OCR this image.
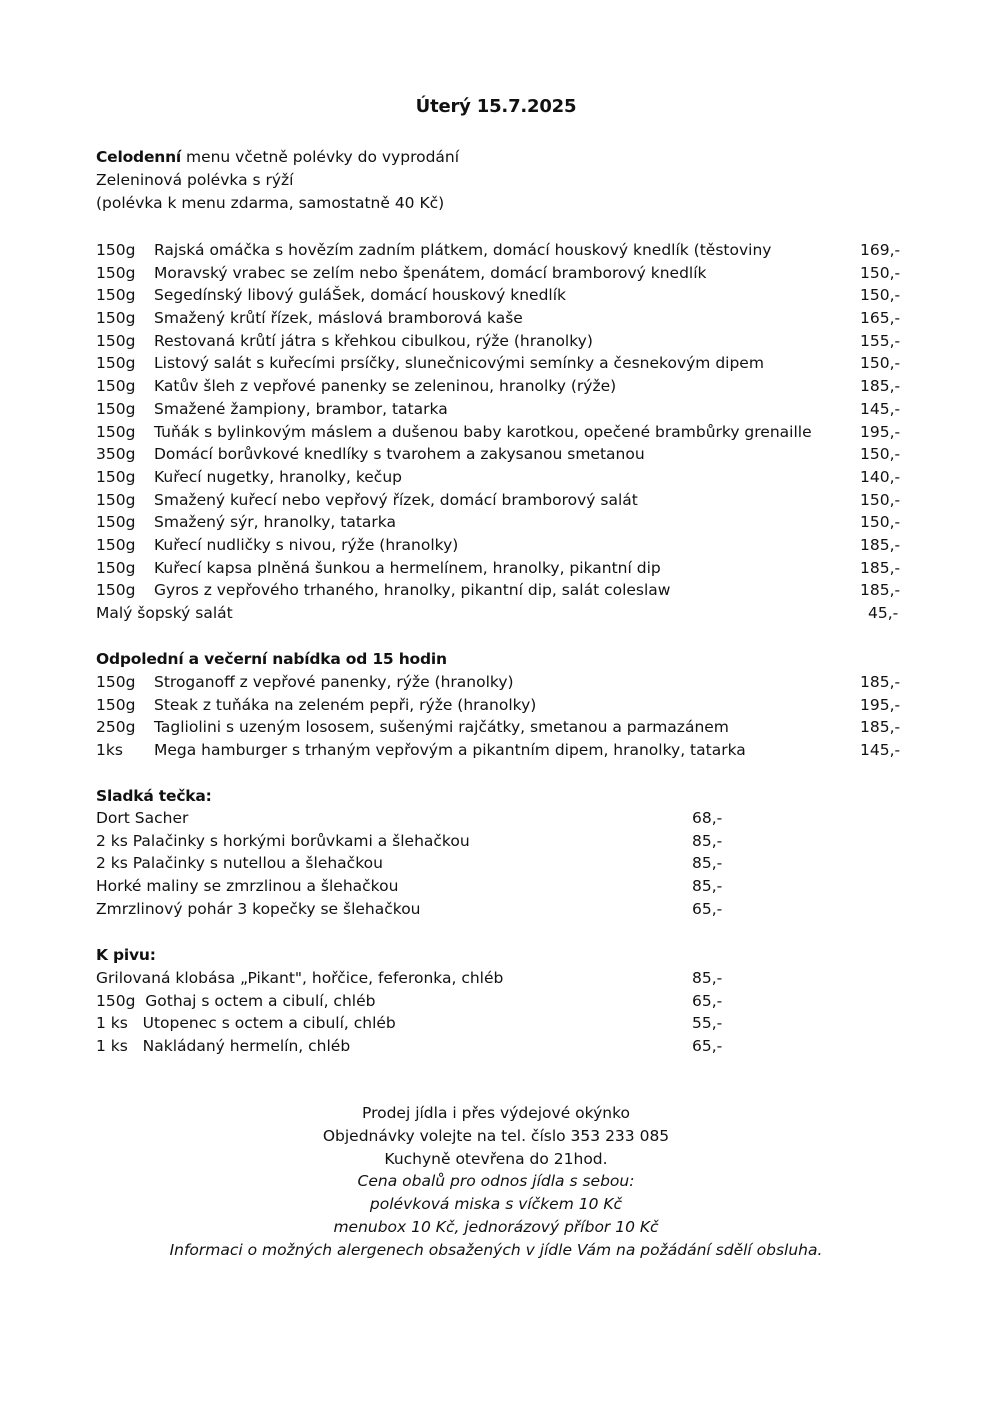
Úterý 15.7.2025
Celodenní menu včetně polévky do vyprodání
Zeleninová polévka s rýží
(polévka k menu zdarma, samostatně 40 Kč)
150g Rajská omáčka s hovězím zadním plátkem, domácí houskový knedlík (těstoviny	169,-
150g Moravský vrabec se zelím nebo špenátem, domácí bramborový knedlík	150,-
150g Segedínský libový guláŠek, domácí houskový knedlík	150,-
150g Smažený krůtí řízek, máslová bramborová kaše	165,-
150g Restovaná krůtí játra s křehkou cibulkou, rýže (hranolky)	155,-
150g Listový salát s kuřecími prsíčky, slunečnicovými semínky a česnekovým dipem	150,-
150g Katův šleh z vepřové panenky se zeleninou, hranolky (rýže)	185,-
150g Smažené žampiony, brambor, tatarka	145,-
150g Tuňák s bylinkovým máslem a dušenou baby karotkou, opečené brambůrky grenaille	195,-
350g Domácí borůvkové knedlíky s tvarohem a zakysanou smetanou	150,-
150g Kuřecí nugetky, hranolky, kečup	140,-
150g Smažený kuřecí nebo vepřový řízek, domácí bramborový salát	150,-
150g Smažený sýr, hranolky, tatarka	150,-
150g Kuřecí nudličky s nivou, rýže (hranolky)	185,-
150g Kuřecí kapsa plněná šunkou a hermelínem, hranolky, pikantní dip	185,-
150g Gyros z vepřového trhaného, hranolky, pikantní dip, salát coleslaw	185,-
Malý šopský salát	45,-
Odpolední a večerní nabídka od 15 hodin
150g Stroganoff z vepřové panenky, rýže (hranolky)	185,-
150g Steak z tuňáka na zeleném pepři, rýže (hranolky)	195,-
250g Tagliolini s uzeným lososem, sušenými rajčátky, smetanou a parmazánem	185,-
1ks Mega hamburger s trhaným vepřovým a pikantním dipem, hranolky, tatarka	145,-
Sladká tečka:
Dort Sacher	68,-
2 ks Palačinky s horkými borůvkami a šlehačkou	85,-
2 ks Palačinky s nutellou a šlehačkou	85,-
Horké maliny se zmrzlinou a šlehačkou	85,-
Zmrzlinový pohár 3 kopečky se šlehačkou	65,-
K pivu:
Grilovaná klobása „Pikant", hořčice, feferonka, chléb	85,-
150g  Gothaj s octem a cibulí, chléb	65,-
1 ks   Utopenec s octem a cibulí, chléb	55,-
1 ks   Nakládaný hermelín, chléb	65,-
Prodej jídla i přes výdejové okýnko
Objednávky volejte na tel. číslo 353 233 085
Kuchyně otevřena do 21hod.
Cena obalů pro odnos jídla s sebou:
polévková miska s víčkem 10 Kč
menubox 10 Kč, jednorázový příbor 10 Kč
Informaci o možných alergenech obsažených v jídle Vám na požádání sdělí obsluha.
